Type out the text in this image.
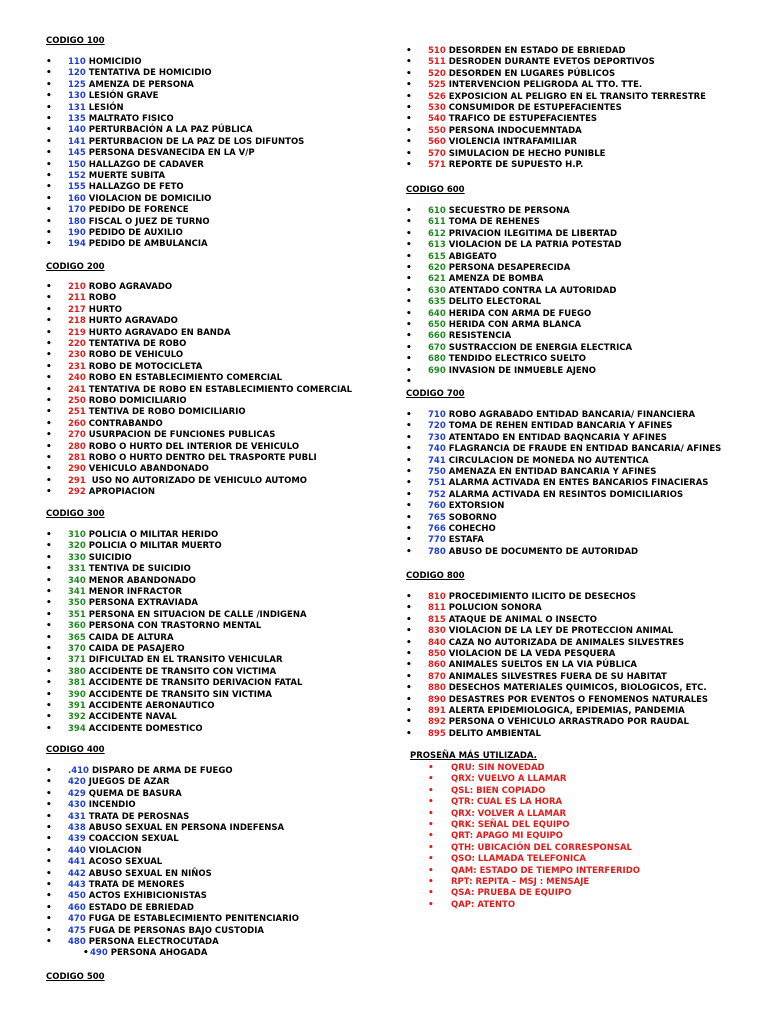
CODIGO 100
• 110 HOMICIDIO
• 120 TENTATIVA DE HOMICIDIO
• 125 AMENZA DE PERSONA
• 130 LESIÓN GRAVE
• 131 LESIÓN
• 135 MALTRATO FISICO
• 140 PERTURBACIÓN A LA PAZ PÚBLICA
• 141 PERTURBACION DE LA PAZ DE LOS DIFUNTOS
• 145 PERSONA DESVANECIDA EN LA V/P
• 150 HALLAZGO DE CADAVER
• 152 MUERTE SUBITA
• 155 HALLAZGO DE FETO
• 160 VIOLACION DE DOMICILIO
• 170 PEDIDO DE FORENCE
• 180 FISCAL O JUEZ DE TURNO
• 190 PEDIDO DE AUXILIO
• 194 PEDIDO DE AMBULANCIA
CODIGO 200
• 210 ROBO AGRAVADO
• 211 ROBO
• 217 HURTO
• 218 HURTO AGRAVADO
• 219 HURTO AGRAVADO EN BANDA
• 220 TENTATIVA DE ROBO
• 230 ROBO DE VEHICULO
• 231 ROBO DE MOTOCICLETA
• 240 ROBO EN ESTABLECIMIENTO COMERCIAL
• 241 TENTATIVA DE ROBO EN ESTABLECIMIENTO COMERCIAL
• 250 ROBO DOMICILIARIO
• 251 TENTIVA DE ROBO DOMICILIARIO
• 260 CONTRABANDO
• 270 USURPACION DE FUNCIONES PUBLICAS
• 280 ROBO O HURTO DEL INTERIOR DE VEHICULO
• 281 ROBO O HURTO DENTRO DEL TRASPORTE PUBLI
• 290 VEHICULO ABANDONADO
• 291 USO NO AUTORIZADO DE VEHICULO AUTOMO
• 292 APROPIACION
CODIGO 300
• 310 POLICIA O MILITAR HERIDO
• 320 POLICIA O MILITAR MUERTO
• 330 SUICIDIO
• 331 TENTIVA DE SUICIDIO
• 340 MENOR ABANDONADO
• 341 MENOR INFRACTOR
• 350 PERSONA EXTRAVIADA
• 351 PERSONA EN SITUACION DE CALLE /INDIGENA
• 360 PERSONA CON TRASTORNO MENTAL
• 365 CAIDA DE ALTURA
• 370 CAIDA DE PASAJERO
• 371 DIFICULTAD EN EL TRANSITO VEHICULAR
• 380 ACCIDENTE DE TRANSITO CON VICTIMA
• 381 ACCIDENTE DE TRANSITO DERIVACION FATAL
• 390 ACCIDENTE DE TRANSITO SIN VICTIMA
• 391 ACCIDENTE AERONAUTICO
• 392 ACCIDENTE NAVAL
• 394 ACCIDENTE DOMESTICO
CODIGO 400
• .410 DISPARO DE ARMA DE FUEGO
• 420 JUEGOS DE AZAR
• 429 QUEMA DE BASURA
• 430 INCENDIO
• 431 TRATA DE PEROSNAS
• 438 ABUSO SEXUAL EN PERSONA INDEFENSA
• 439 COACCION SEXUAL
• 440 VIOLACION
• 441 ACOSO SEXUAL
• 442 ABUSO SEXUAL EN NIÑOS
• 443 TRATA DE MENORES
• 450 ACTOS EXHIBICIONISTAS
• 460 ESTADO DE EBRIEDAD
• 470 FUGA DE ESTABLECIMIENTO PENITENCIARIO
• 475 FUGA DE PERSONAS BAJO CUSTODIA
• 480 PERSONA ELECTROCUTADA
• 490 PERSONA AHOGADA
CODIGO 500
• 510 DESORDEN EN ESTADO DE EBRIEDAD
• 511 DESRODEN DURANTE EVETOS DEPORTIVOS
• 520 DESORDEN EN LUGARES PÚBLICOS
• 525 INTERVENCION PELIGRODA AL TTO. TTE.
• 526 EXPOSICION AL PELIGRO EN EL TRANSITO TERRESTRE
• 530 CONSUMIDOR DE ESTUPEFACIENTES
• 540 TRAFICO DE ESTUPEFACIENTES
• 550 PERSONA INDOCUEMNTADA
• 560 VIOLENCIA INTRAFAMILIAR
• 570 SIMULACION DE HECHO PUNIBLE
• 571 REPORTE DE SUPUESTO H.P.
CODIGO 600
• 610 SECUESTRO DE PERSONA
• 611 TOMA DE REHENES
• 612 PRIVACION ILEGITIMA DE LIBERTAD
• 613 VIOLACION DE LA PATRIA POTESTAD
• 615 ABIGEATO
• 620 PERSONA DESAPERECIDA
• 621 AMENZA DE BOMBA
• 630 ATENTADO CONTRA LA AUTORIDAD
• 635 DELITO ELECTORAL
• 640 HERIDA CON ARMA DE FUEGO
• 650 HERIDA CON ARMA BLANCA
• 660 RESISTENCIA
• 670 SUSTRACCION DE ENERGIA ELECTRICA
• 680 TENDIDO ELECTRICO SUELTO
• 690 INVASION DE INMUEBLE AJENO
•
CODIGO 700
• 710 ROBO AGRABADO ENTIDAD BANCARIA/ FINANCIERA
• 720 TOMA DE REHEN ENTIDAD BANCARIA Y AFINES
• 730 ATENTADO EN ENTIDAD BAQNCARIA Y AFINES
• 740 FLAGRANCIA DE FRAUDE EN ENTIDAD BANCARIA/ AFINES
• 741 CIRCULACION DE MONEDA NO AUTENTICA
• 750 AMENAZA EN ENTIDAD BANCARIA Y AFINES
• 751 ALARMA ACTIVADA EN ENTES BANCARIOS FINACIERAS
• 752 ALARMA ACTIVADA EN RESINTOS DOMICILIARIOS
• 760 EXTORSION
• 765 SOBORNO
• 766 COHECHO
• 770 ESTAFA
• 780 ABUSO DE DOCUMENTO DE AUTORIDAD
CODIGO 800
• 810 PROCEDIMIENTO ILICITO DE DESECHOS
• 811 POLUCION SONORA
• 815 ATAQUE DE ANIMAL O INSECTO
• 830 VIOLACION DE LA LEY DE PROTECCION ANIMAL
• 840 CAZA NO AUTORIZADA DE ANIMALES SILVESTRES
• 850 VIOLACION DE LA VEDA PESQUERA
• 860 ANIMALES SUELTOS EN LA VIA PÚBLICA
• 870 ANIMALES SILVESTRES FUERA DE SU HABITAT
• 880 DESECHOS MATERIALES QUIMICOS, BIOLOGICOS, ETC.
• 890 DESASTRES POR EVENTOS O FENOMENOS NATURALES
• 891 ALERTA EPIDEMIOLOGICA, EPIDEMIAS, PANDEMIA
• 892 PERSONA O VEHICULO ARRASTRADO POR RAUDAL
• 895 DELITO AMBIENTAL
PROSEÑA MÁS UTILIZADA.
• QRU: SIN NOVEDAD
• QRX: VUELVO A LLAMAR
• QSL: BIEN COPIADO
• QTR: CUAL ES LA HORA
• QRX: VOLVER A LLAMAR
• QRK: SEÑAL DEL EQUIPO
• QRT: APAGO MI EQUIPO
• QTH: UBICACIÓN DEL CORRESPONSAL
• QSO: LLAMADA TELEFONICA
• QAM: ESTADO DE TIEMPO INTERFERIDO
• RPT: REPITA – MSJ : MENSAJE
• QSA: PRUEBA DE EQUIPO
• QAP: ATENTO
